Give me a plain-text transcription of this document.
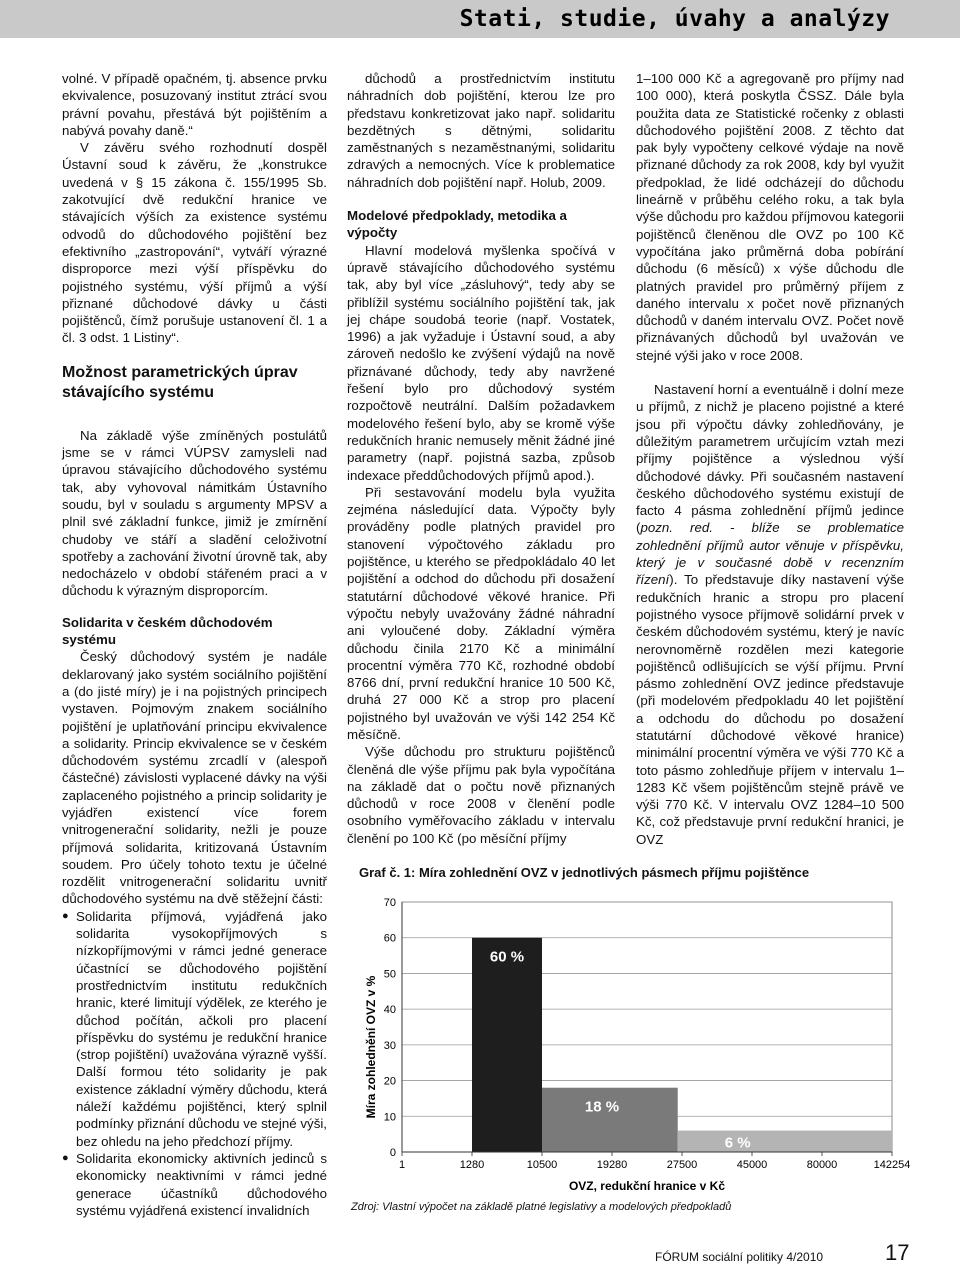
Stati, studie, úvahy a analýzy

volné. V případě opačném, tj. absence prvku ekvivalence, posuzovaný institut ztrácí svou právní povahu, přestává být pojištěním a nabývá povahy daně.“

V závěru svého rozhodnutí dospěl Ústavní soud k závěru, že „konstrukce uvedená v § 15 zákona č. 155/1995 Sb. zakotvující dvě redukční hranice ve stávajících výších za existence systému odvodů do důchodového pojištění bez efektivního „zastropování“, vytváří výrazné disproporce mezi výší příspěvku do pojistného systému, výší příjmů a výší přiznané důchodové dávky u části pojištěnců, čímž porušuje ustanovení čl. 1 a čl. 3 odst. 1 Listiny“.

Možnost parametrických úprav stávajícího systému

Na základě výše zmíněných postulátů jsme se v rámci VÚPSV zamysleli nad úpravou stávajícího důchodového systému tak, aby vyhovoval námitkám Ústavního soudu, byl v souladu s argumenty MPSV a plnil své základní funkce, jimiž je zmírnění chudoby ve stáří a sladění celoživotní spotřeby a zachování životní úrovně tak, aby nedocházelo v období stářeném praci a v důchodu k výrazným disproporcím.

Solidarita v českém důchodovém systému

Český důchodový systém je nadále deklarovaný jako systém sociálního pojištění a (do jisté míry) je i na pojistných principech vystaven. Pojmovým znakem sociálního pojištění je uplatňování principu ekvivalence a solidarity. Princip ekvivalence se v českém důchodovém systému zrcadlí v (alespoň částečné) závislosti vyplacené dávky na výši zaplaceného pojistného a princip solidarity je vyjádřen existencí více forem vnitrogenerační solidarity, nežli je pouze příjmová solidarita, kritizovaná Ústavním soudem. Pro účely tohoto textu je účelné rozdělit vnitrogenerační solidaritu uvnitř důchodového systému na dvě stěžejní části:

● Solidarita příjmová, vyjádřená jako solidarita vysokopříjmových s nízkopříjmovými v rámci jedné generace účastnící se důchodového pojištění prostřednictvím institutu redukčních hranic, které limitují výdělek, ze kterého je důchod počítán, ačkoli pro placení příspěvku do systému je redukční hranice (strop pojištění) uvažována výrazně vyšší. Další formou této solidarity je pak existence základní výměry důchodu, která náleží každému pojištěnci, který splnil podmínky přiznání důchodu ve stejné výši, bez ohledu na jeho předchozí příjmy.
● Solidarita ekonomicky aktivních jedinců s ekonomicky neaktivními v rámci jedné generace účastníků důchodového systému vyjádřená existencí invalidních

důchodů a prostřednictvím institutu náhradních dob pojištění, kterou lze pro představu konkretizovat jako např. solidaritu bezdětných s dětnými, solidaritu zaměstnaných s nezaměstnanými, solidaritu zdravých a nemocných. Více k problematice náhradních dob pojištění např. Holub, 2009.

Modelové předpoklady, metodika a výpočty

Hlavní modelová myšlenka spočívá v úpravě stávajícího důchodového systému tak, aby byl více „zásluhový“, tedy aby se přiblížil systému sociálního pojištění tak, jak jej chápe soudobá teorie (např. Vostatek, 1996) a jak vyžaduje i Ústavní soud, a aby zároveň nedošlo ke zvýšení výdajů na nově přiznávané důchody, tedy aby navržené řešení bylo pro důchodový systém rozpočtově neutrální. Dalším požadavkem modelového řešení bylo, aby se kromě výše redukčních hranic nemuselу měnit žádné jiné parametry (např. pojistná sazba, způsob indexace předdůchodových příjmů apod.).

Při sestavování modelu byla využita zejména následující data. Výpočty byly prováděny podle platných pravidel pro stanovení výpočtového základu pro pojištěnce, u kterého se předpokládalo 40 let pojištění a odchod do důchodu při dosažení statutární důchodové věkové hranice. Při výpočtu nebyly uvažovány žádné náhradní ani vyloučené doby. Základní výměra důchodu činila 2170 Kč a minimální procentní výměra 770 Kč, rozhodné období 8766 dní, první redukční hranice 10 500 Kč, druhá 27 000 Kč a strop pro placení pojistného byl uvažován ve výši 142 254 Kč měsíčně.

Výše důchodu pro strukturu pojištěnců členěná dle výše příjmu pak byla vypočítána na základě dat o počtu nově přiznaných důchodů v roce 2008 v členění podle osobního vyměřovacího základu v intervalu členění po 100 Kč (po měsíční příjmy

1–100 000 Kč a agregovaně pro příjmy nad 100 000), která poskytla ČSSZ. Dále byla použita data ze Statistické ročenky z oblasti důchodového pojištění 2008. Z těchto dat pak byly vypočteny celkové výdaje na nově přiznané důchody za rok 2008, kdy byl využit předpoklad, že lidé odcházejí do důchodu lineárně v průběhu celého roku, a tak byla výše důchodu pro každou příjmovou kategorii pojištěnců členěnou dle OVZ po 100 Kč vypočítána jako průměrná doba pobírání důchodu (6 měsíců) x výše důchodu dle platných pravidel pro průměrný příjem z daného intervalu x počet nově přiznaných důchodů v daném intervalu OVZ. Počet nově přiznávaných důchodů byl uvažován ve stejné výši jako v roce 2008.

Nastavení horní a eventuálně i dolní meze u příjmů, z nichž je placeno pojistné a které jsou při výpočtu dávky zohledňovány, je důležitým parametrem určujícím vztah mezi příjmy pojištěnce a výslednou výší důchodové dávky. Při současném nastavení českého důchodového systému existují de facto 4 pásma zohlednění příjmů jedince (pozn. red. - blíže se problematice zohlednění příjmů autor věnuje v příspěvku, který je v současné době v recenzním řízení). To představuje díky nastavení výše redukčních hranic a stropu pro placení pojistného vysoce příjmově solidární prvek v českém důchodovém systému, který je navíc nerovnoměrně rozdělen mezi kategorie pojištěnců odlišujících se výší příjmu. První pásmo zohlednění OVZ jedince představuje (při modelovém předpokladu 40 let pojištění a odchodu do důchodu po dosažení statutární důchodové věkové hranice) minimální procentní výměra ve výši 770 Kč a toto pásmo zohledňuje příjem v intervalu 1–1283 Kč všem pojištěncům stejně právě ve výši 770 Kč. V intervalu OVZ 1284–10 500 Kč, což představuje první redukční hranici, je OVZ

Graf č. 1: Míra zohlednění OVZ v jednotlivých pásmech příjmu pojištěnce
Míra zohlednění OVZ v %
OVZ, redukční hranice v Kč
0
10
20
30
40
50
60
70
1	1280	10500	19280	27500	45000	80000	142254
60 %
18 %
6 %
Zdroj: Vlastní výpočet na základě platné legislativy a modelových předpokladů
FÓRUM sociální politiky 4/2010	17
